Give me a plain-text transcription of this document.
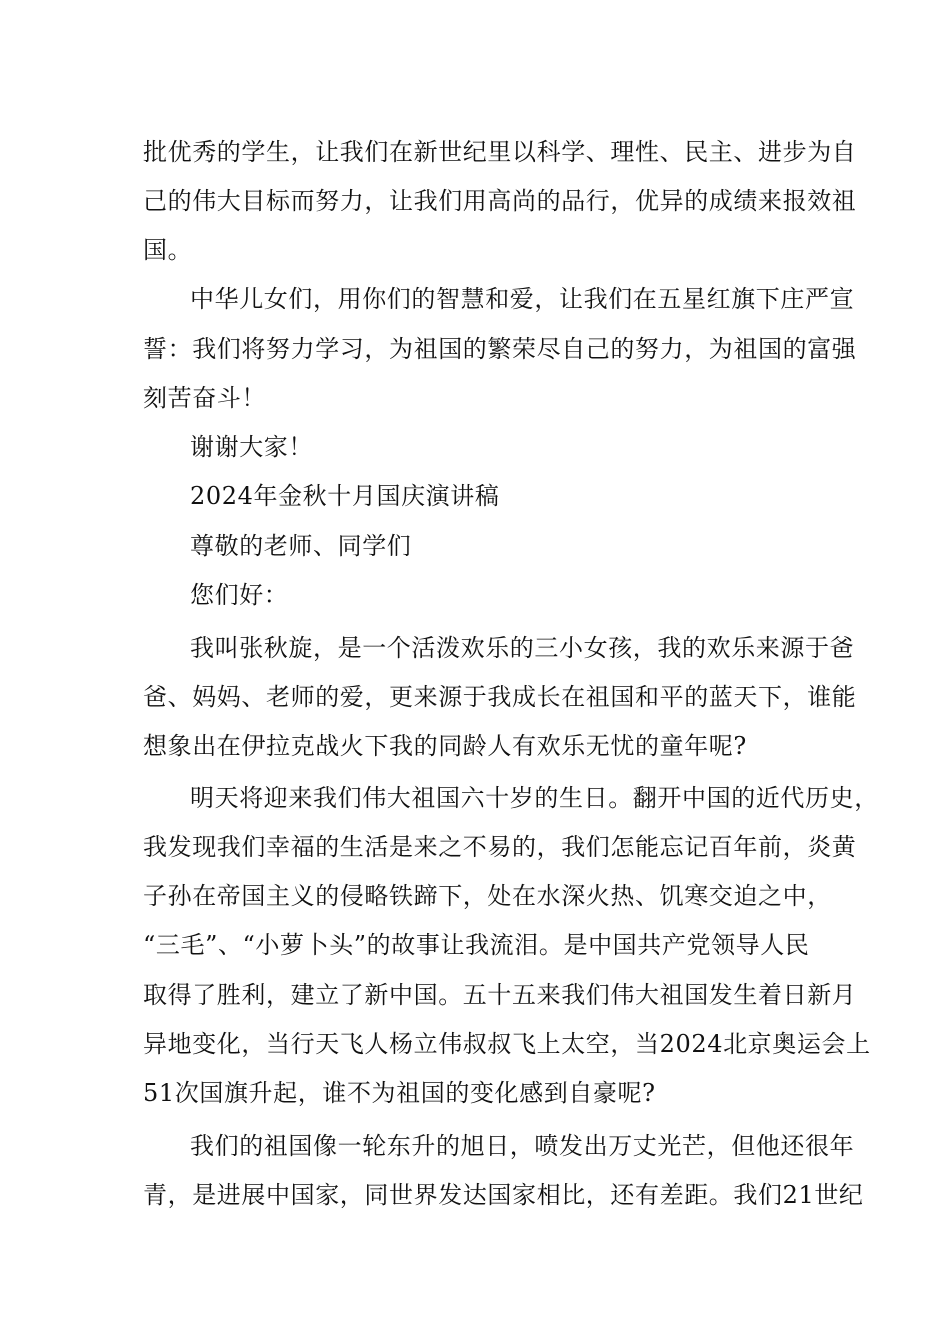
批优秀的学生，让我们在新世纪里以科学、理性、民主、进步为自
己的伟大目标而努力，让我们用高尚的品行，优异的成绩来报效祖
国。
中华儿女们，用你们的智慧和爱，让我们在五星红旗下庄严宣
誓：我们将努力学习，为祖国的繁荣尽自己的努力，为祖国的富强
刻苦奋斗！
谢谢大家！
2024年金秋十月国庆演讲稿
尊敬的老师、同学们
您们好：
我叫张秋旋，是一个活泼欢乐的三小女孩，我的欢乐来源于爸
爸、妈妈、老师的爱，更来源于我成长在祖国和平的蓝天下，谁能
想象出在伊拉克战火下我的同龄人有欢乐无忧的童年呢?
明天将迎来我们伟大祖国六十岁的生日。翻开中国的近代历史，
我发现我们幸福的生活是来之不易的，我们怎能忘记百年前，炎黄
子孙在帝国主义的侵略铁蹄下，处在水深火热、饥寒交迫之中，
“三毛”、“小萝卜头”的故事让我流泪。是中国共产党领导人民
取得了胜利，建立了新中国。五十五来我们伟大祖国发生着日新月
异地变化，当行天飞人杨立伟叔叔飞上太空，当2024北京奥运会上
51次国旗升起，谁不为祖国的变化感到自豪呢?
我们的祖国像一轮东升的旭日，喷发出万丈光芒，但他还很年
青，是进展中国家，同世界发达国家相比，还有差距。我们21世纪
